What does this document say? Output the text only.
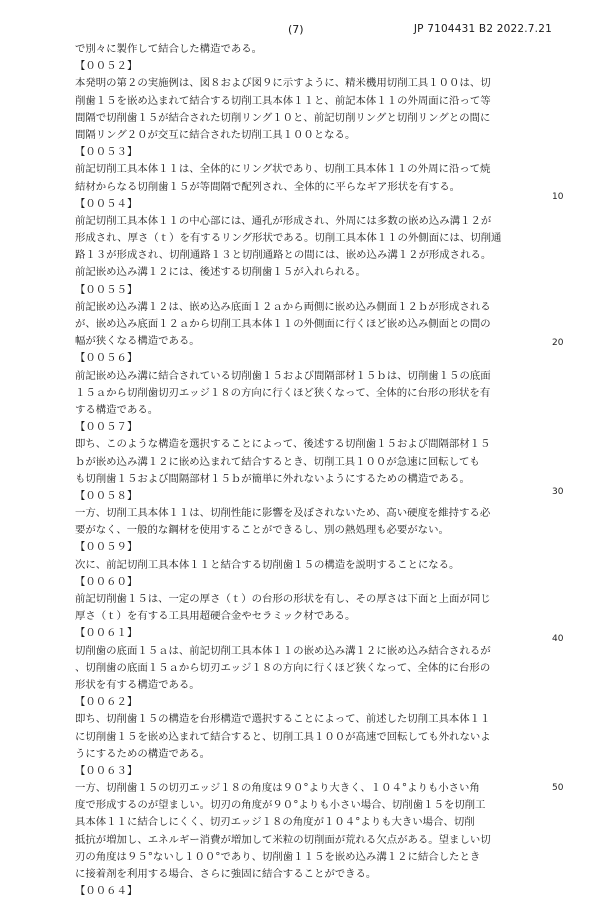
(7)	JP 7104431 B2 2022.7.21
で別々に製作して結合した構造である。
【００５２】
本発明の第２の実施例は、図８および図９に示すように、精米機用切削工具１００は、切
削歯１５を嵌め込まれて結合する切削工具本体１１と、前記本体１１の外周面に沿って等
間隔で切削歯１５が結合された切削リング１０と、前記切削リングと切削リングとの間に
間隔リング２０が交互に結合された切削工具１００となる。
【００５３】
前記切削工具本体１１は、全体的にリング状であり、切削工具本体１１の外周に沿って焼
結材からなる切削歯１５が等間隔で配列され、全体的に平らなギア形状を有する。
【００５４】
前記切削工具本体１１の中心部には、通孔が形成され、外周には多数の嵌め込み溝１２が
形成され、厚さ（ｔ）を有するリング形状である。切削工具本体１１の外側面には、切削通
路１３が形成され、切削通路１３と切削通路との間には、嵌め込み溝１２が形成される。
前記嵌め込み溝１２には、後述する切削歯１５が入れられる。
【００５５】
前記嵌め込み溝１２は、嵌め込み底面１２ａから両側に嵌め込み側面１２ｂが形成される
が、嵌め込み底面１２ａから切削工具本体１１の外側面に行くほど嵌め込み側面との間の
幅が狭くなる構造である。
【００５６】
前記嵌め込み溝に結合されている切削歯１５および間隔部材１５ｂは、切削歯１５の底面
１５ａから切削歯切刃エッジ１８の方向に行くほど狭くなって、全体的に台形の形状を有
する構造である。
【００５７】
即ち、このような構造を選択することによって、後述する切削歯１５および間隔部材１５
ｂが嵌め込み溝１２に嵌め込まれて結合するとき、切削工具１００が急速に回転しても
も切削歯１５および間隔部材１５ｂが簡単に外れないようにするための構造である。
【００５８】
一方、切削工具本体１１は、切削性能に影響を及ぼされないため、高い硬度を維持する必
要がなく、一般的な鋼材を使用することができるし、別の熱処理も必要がない。
【００５９】
次に、前記切削工具本体１１と結合する切削歯１５の構造を説明することになる。
【００６０】
前記切削歯１５は、一定の厚さ（ｔ）の台形の形状を有し、その厚さは下面と上面が同じ
厚さ（ｔ）を有する工具用超硬合金やセラミック材である。
【００６１】
切削歯の底面１５ａは、前記切削工具本体１１の嵌め込み溝１２に嵌め込み結合されるが
、切削歯の底面１５ａから切刃エッジ１８の方向に行くほど狭くなって、全体的に台形の
形状を有する構造である。
【００６２】
即ち、切削歯１５の構造を台形構造で選択することによって、前述した切削工具本体１１
に切削歯１５を嵌め込まれて結合すると、切削工具１００が高速で回転しても外れないよ
うにするための構造である。
【００６３】
一方、切削歯１５の切刃エッジ１８の角度は９０°より大きく、１０４°よりも小さい角
度で形成するのが望ましい。切刃の角度が９０°よりも小さい場合、切削歯１５を切削工
具本体１１に結合しにくく、切刃エッジ１８の角度が１０４°よりも大きい場合、切削
抵抗が増加し、エネルギー消費が増加して米粒の切削面が荒れる欠点がある。望ましい切
刃の角度は９５°ないし１００°であり、切削歯１１５を嵌め込み溝１２に結合したとき
に接着剤を利用する場合、さらに強固に結合することができる。
【００６４】
10
20
30
40
50
